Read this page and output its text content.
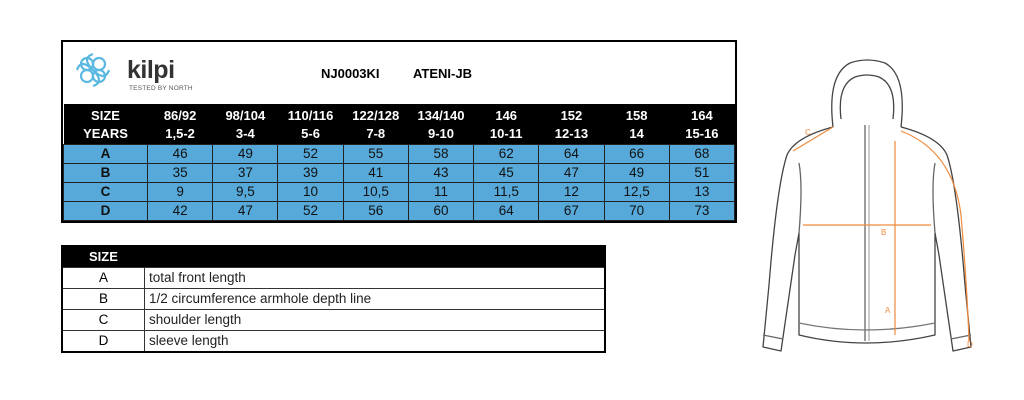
kilpi
TESTED BY NORTH
NJ0003KI	ATENI-JB
SIZE	86/92	98/104	110/116	122/128	134/140	146	152	158	164
YEARS	1,5-2	3-4	5-6	7-8	9-10	10-11	12-13	14	15-16
A	46	49	52	55	58	62	64	66	68
B	35	37	39	41	43	45	47	49	51
C	9	9,5	10	10,5	11	11,5	12	12,5	13
D	42	47	52	56	60	64	67	70	73
SIZE
A	total front length
B	1/2 circumference armhole depth line
C	shoulder length
D	sleeve length
C
B
A
D
